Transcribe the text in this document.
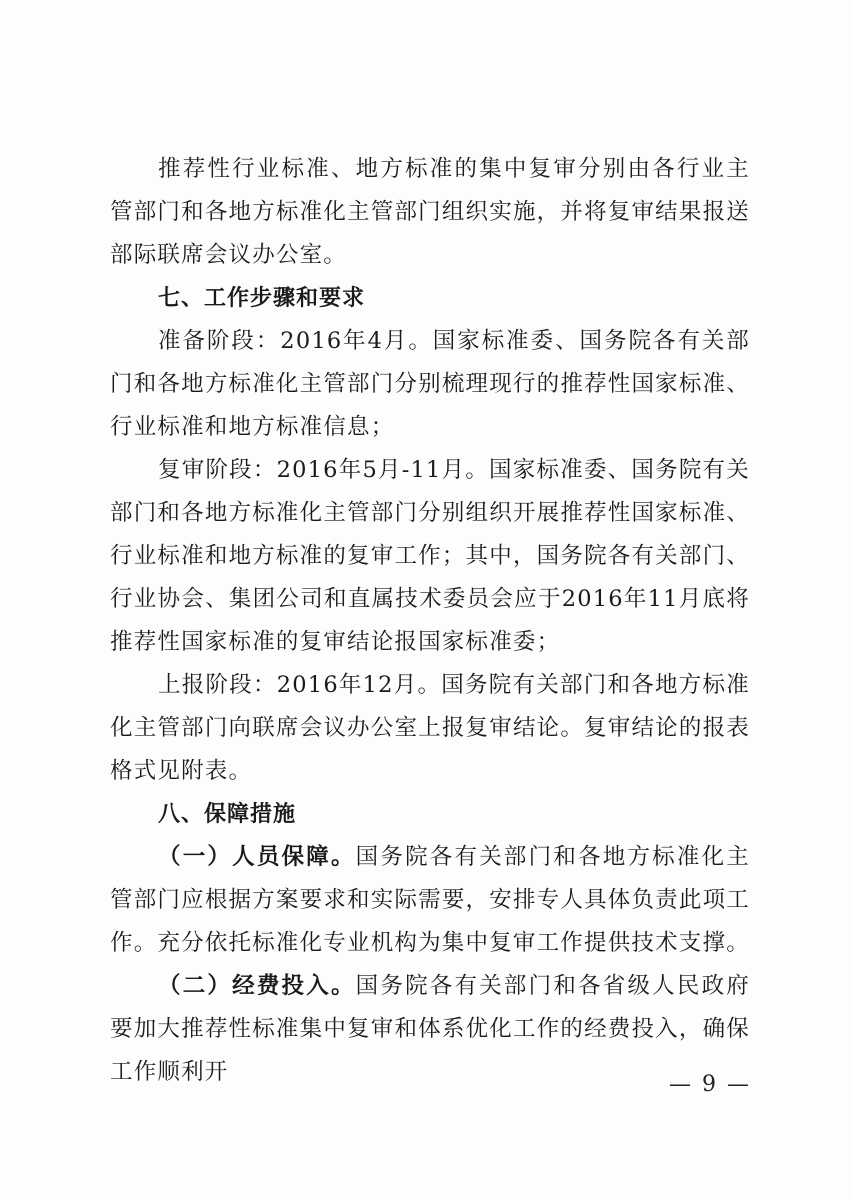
推荐性行业标准、地方标准的集中复审分别由各行业主管部门和各地方标准化主管部门组织实施，并将复审结果报送部际联席会议办公室。

七、工作步骤和要求

准备阶段：2016年4月。国家标准委、国务院各有关部门和各地方标准化主管部门分别梳理现行的推荐性国家标准、行业标准和地方标准信息；

复审阶段：2016年5月-11月。国家标准委、国务院有关部门和各地方标准化主管部门分别组织开展推荐性国家标准、行业标准和地方标准的复审工作；其中，国务院各有关部门、行业协会、集团公司和直属技术委员会应于2016年11月底将推荐性国家标准的复审结论报国家标准委；

上报阶段：2016年12月。国务院有关部门和各地方标准化主管部门向联席会议办公室上报复审结论。复审结论的报表格式见附表。

八、保障措施

（一）人员保障。国务院各有关部门和各地方标准化主管部门应根据方案要求和实际需要，安排专人具体负责此项工作。充分依托标准化专业机构为集中复审工作提供技术支撑。

（二）经费投入。国务院各有关部门和各省级人民政府要加大推荐性标准集中复审和体系优化工作的经费投入，确保工作顺利开	— 9 —
